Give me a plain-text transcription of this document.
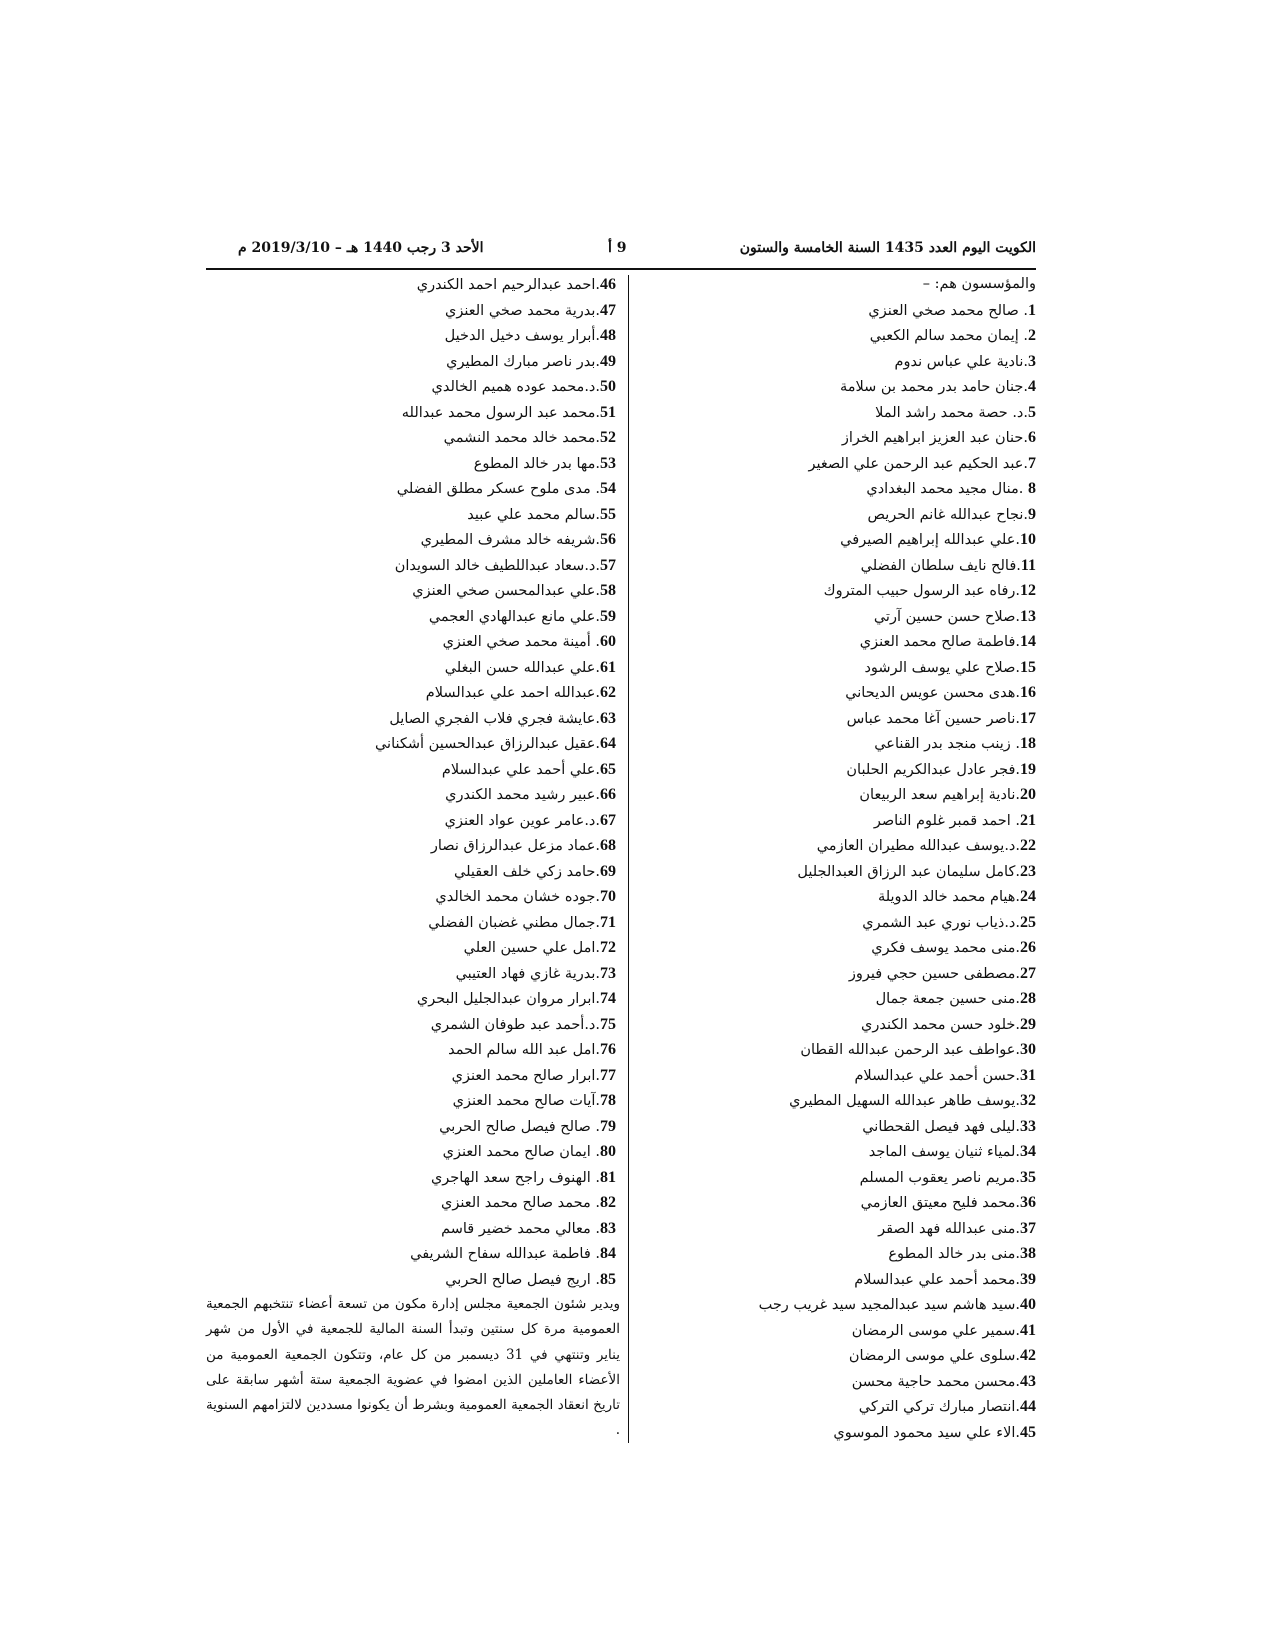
الكويت اليوم العدد 1435 السنة الخامسة والستون
9 أ
الأحد 3 رجب 1440 هـ – 2019/3/10 م
والمؤسسون هم: –
1. صالح محمد صخي العنزي
2. إيمان محمد سالم الكعبي
3.نادية علي عباس ندوم
4.جنان حامد بدر محمد بن سلامة
5.د. حصة محمد راشد الملا
6.حنان عبد العزيز ابراهيم الخراز
7.عبد الحكيم عبد الرحمن علي الصغير
8 .منال مجيد محمد البغدادي
9.نجاح عبدالله غانم الحريص
10.علي عبدالله إبراهيم الصيرفي
11.فالح نايف سلطان الفضلي
12.رفاه عبد الرسول حبيب المتروك
13.صلاح حسن حسين آرتي
14.فاطمة صالح محمد العنزي
15.صلاح علي يوسف الرشود
16.هدى محسن عويس الديحاني
17.ناصر حسين آغا محمد عباس
18. زينب منجد بدر القناعي
19.فجر عادل عبدالكريم الحلبان
20.نادية إبراهيم سعد الربيعان
21. احمد قمبر غلوم الناصر
22.د.يوسف عبدالله مطيران العازمي
23.كامل سليمان عبد الرزاق العبدالجليل
24.هيام محمد خالد الدويلة
25.د.ذياب نوري عبد الشمري
26.منى محمد يوسف فكري
27.مصطفى حسين حجي فيروز
28.منى حسين جمعة جمال
29.خلود حسن محمد الكندري
30.عواطف عبد الرحمن عبدالله القطان
31.حسن أحمد علي عبدالسلام
32.يوسف طاهر عبدالله السهيل المطيري
33.ليلى فهد فيصل القحطاني
34.لمياء ثنيان يوسف الماجد
35.مريم ناصر يعقوب المسلم
36.محمد فليح معيتق العازمي
37.منى عبدالله فهد الصقر
38.منى بدر خالد المطوع
39.محمد أحمد علي عبدالسلام
40.سيد هاشم سيد عبدالمجيد سيد غريب رجب
41.سمير علي موسى الرمضان
42.سلوى علي موسى الرمضان
43.محسن محمد حاجية محسن
44.انتصار مبارك تركي التركي
45.الاء علي سيد محمود الموسوي
46.احمد عبدالرحيم احمد الكندري
47.بدرية محمد صخي العنزي
48.أبرار يوسف دخيل الدخيل
49.بدر ناصر مبارك المطيري
50.د.محمد عوده هميم الخالدي
51.محمد عبد الرسول محمد عبدالله
52.محمد خالد محمد النشمي
53.مها بدر خالد المطوع
54. مدى ملوح عسكر مطلق الفضلي
55.سالم محمد علي عبيد
56.شريفه خالد مشرف المطيري
57.د.سعاد عبداللطيف خالد السويدان
58.علي عبدالمحسن صخي العنزي
59.علي مانع عبدالهادي العجمي
60. أمينة محمد صخي العنزي
61.علي عبدالله حسن البغلي
62.عبدالله احمد علي عبدالسلام
63.عايشة فجري فلاب الفجري الصايل
64.عقيل عبدالرزاق عبدالحسين أشكناني
65.علي أحمد علي عبدالسلام
66.عبير رشيد محمد الكندري
67.د.عامر عوين عواد العنزي
68.عماد مزعل عبدالرزاق نصار
69.حامد زكي خلف العقيلي
70.جوده خشان محمد الخالدي
71.جمال مطني غضبان الفضلي
72.امل علي حسين العلي
73.بدرية غازي فهاد العتيبي
74.ابرار مروان عبدالجليل البحري
75.د.أحمد عبد طوفان الشمري
76.امل عبد الله سالم الحمد
77.ابرار صالح محمد العنزي
78.آيات صالح محمد العنزي
79. صالح فيصل صالح الحربي
80. ايمان صالح محمد العنزي
81. الهنوف راجح سعد الهاجري
82. محمد صالح محمد العنزي
83. معالي محمد خضير قاسم
84. فاطمة عبدالله سفاح الشريفي
85. اريج فيصل صالح الحربي
ويدير شئون الجمعية مجلس إدارة مكون من تسعة أعضاء تنتخبهم الجمعية العمومية مرة كل سنتين وتبدأ السنة المالية للجمعية في الأول من شهر يناير وتنتهي في 31 ديسمبر من كل عام، وتتكون الجمعية العمومية من الأعضاء العاملين الذين امضوا في عضوية الجمعية ستة أشهر سابقة على تاريخ انعقاد الجمعية العمومية وبشرط أن يكونوا مسددين لالتزامهم السنوية .
